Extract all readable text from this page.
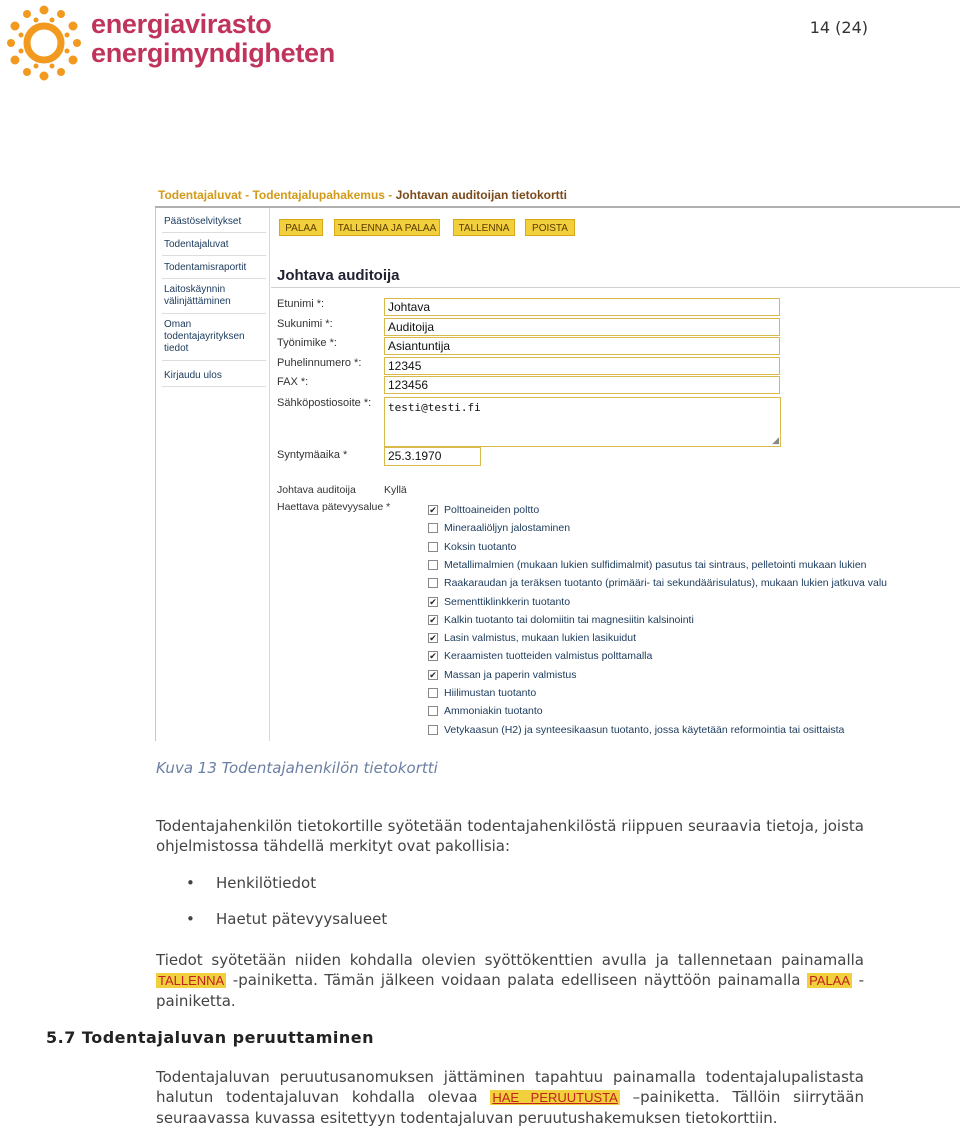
energiavirasto
energimyndigheten
14 (24)
Todentajaluvat - Todentajalupahakemus - Johtavan auditoijan tietokortti
Päästöselvitykset
Todentajaluvat
Todentamisraportit
Laitoskäynnin välinjättäminen
Oman todentajayrityksen tiedot
Kirjaudu ulos
PALAA	TALLENNA JA PALAA	TALLENNA	POISTA
Johtava auditoija
Etunimi *:	Johtava
Sukunimi *:	Auditoija
Työnimike *:	Asiantuntija
Puhelinnumero *:	12345
FAX *:	123456
Sähköpostiosoite *:	testi@testi.fi
◢
Syntymäaika *	25.3.1970
Johtava auditoija	Kyllä
Haettava pätevyysalue *	✔ Polttoaineiden poltto
Mineraaliöljyn jalostaminen
Koksin tuotanto
Metallimalmien (mukaan lukien sulfidimalmit) pasutus tai sintraus, pelletointi mukaan lukien
Raakaraudan ja teräksen tuotanto (primääri- tai sekundäärisulatus), mukaan lukien jatkuva valu
✔ Sementtiklinkkerin tuotanto
✔ Kalkin tuotanto tai dolomiitin tai magnesiitin kalsinointi
✔ Lasin valmistus, mukaan lukien lasikuidut
✔ Keraamisten tuotteiden valmistus polttamalla
✔ Massan ja paperin valmistus
Hiilimustan tuotanto
Ammoniakin tuotanto
Vetykaasun (H2) ja synteesikaasun tuotanto, jossa käytetään reformointia tai osittaista
Kuva 13 Todentajahenkilön tietokortti
Todentajahenkilön tietokortille syötetään todentajahenkilöstä riippuen seuraavia tietoja, joista ohjelmistossa tähdellä merkityt ovat pakollisia:
• Henkilötiedot
• Haetut pätevyysalueet
Tiedot syötetään niiden kohdalla olevien syöttökenttien avulla ja tallennetaan painamalla TALLENNA -painiketta. Tämän jälkeen voidaan palata edelliseen näyttöön painamalla PALAA -painiketta.
5.7 Todentajaluvan peruuttaminen
Todentajaluvan peruutusanomuksen jättäminen tapahtuu painamalla todentajalupalistasta halutun todentajaluvan kohdalla olevaa HAE PERUUTUSTA –painiketta. Tällöin siirrytään seuraavassa kuvassa esitettyyn todentajaluvan peruutushakemuksen tietokorttiin.
